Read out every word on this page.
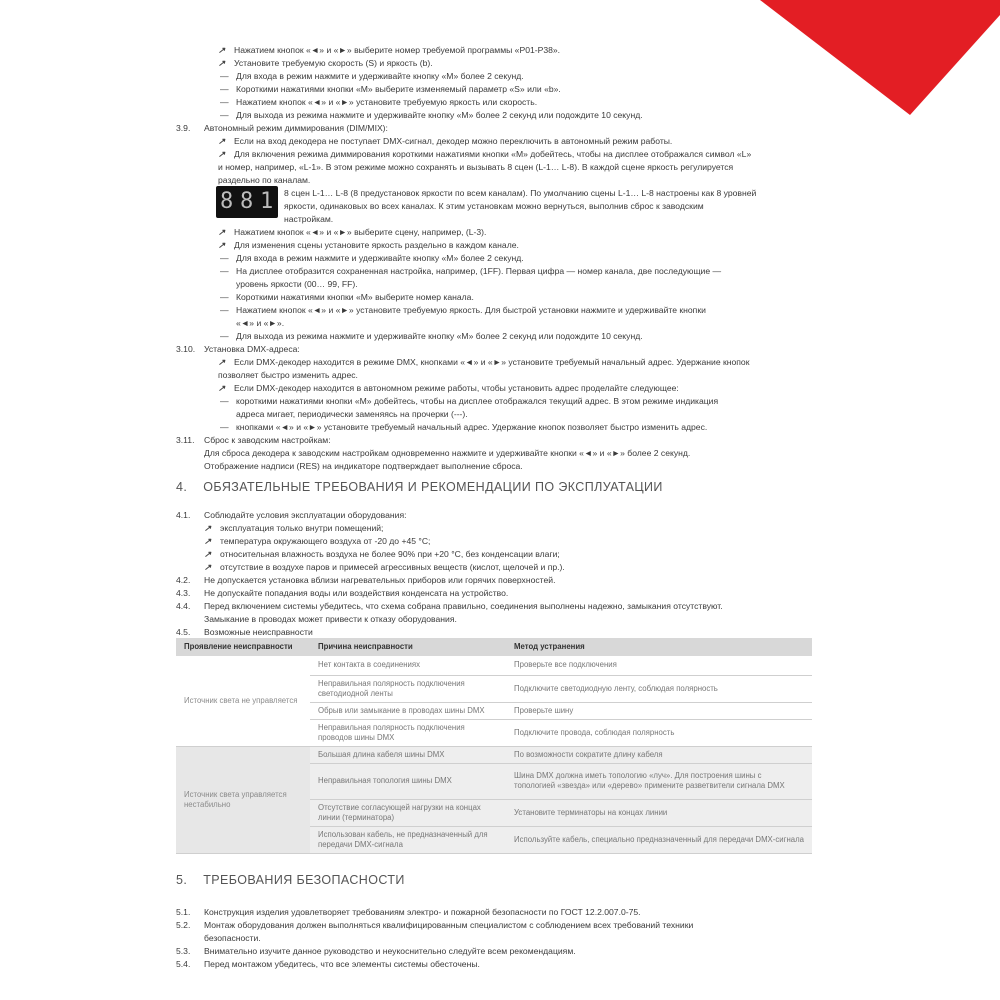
arlight
8 8 1
↗ Нажатием кнопок «◄» и «►» выберите номер требуемой программы «P01-P38».
↗ Установите требуемую скорость (S) и яркость (b).
— Для входа в режим нажмите и удерживайте кнопку «М» более 2 секунд.
— Короткими нажатиями кнопки «М» выберите изменяемый параметр «S» или «b».
— Нажатием кнопок «◄» и «►» установите требуемую яркость или скорость.
— Для выхода из режима нажмите и удерживайте кнопку «М» более 2 секунд или подождите 10 секунд.
3.9. Автономный режим диммирования (DIM/MIX):
↗ Если на вход декодера не поступает DMX-сигнал, декодер можно переключить в автономный режим работы.
↗ Для включения режима диммирования короткими нажатиями кнопки «М» добейтесь, чтобы на дисплее отображался символ «L»
и номер, например, «L-1». В этом режиме можно сохранять и вызывать 8 сцен (L-1… L-8). В каждой сцене яркость регулируется
раздельно по каналам.
8 сцен L-1… L-8 (8 предустановок яркости по всем каналам). По умолчанию сцены L-1… L-8 настроены как 8 уровней
яркости, одинаковых во всех каналах. К этим установкам можно вернуться, выполнив сброс к заводским
настройкам.
↗ Нажатием кнопок «◄» и «►» выберите сцену, например, (L-3).
↗ Для изменения сцены установите яркость раздельно в каждом канале.
— Для входа в режим нажмите и удерживайте кнопку «М» более 2 секунд.
— На дисплее отобразится сохраненная настройка, например, (1FF). Первая цифра — номер канала, две последующие —
уровень яркости (00… 99, FF).
— Короткими нажатиями кнопки «М» выберите номер канала.
— Нажатием кнопок «◄» и «►» установите требуемую яркость. Для быстрой установки нажмите и удерживайте кнопки
«◄» и «►».
— Для выхода из режима нажмите и удерживайте кнопку «М» более 2 секунд или подождите 10 секунд.
3.10. Установка DMX-адреса:
↗ Если DMX-декодер находится в режиме DMX, кнопками «◄» и «►» установите требуемый начальный адрес. Удержание кнопок
позволяет быстро изменить адрес.
↗ Если DMX-декодер находится в автономном режиме работы, чтобы установить адрес проделайте следующее:
— короткими нажатиями кнопки «М» добейтесь, чтобы на дисплее отображался текущий адрес. В этом режиме индикация
адреса мигает, периодически заменяясь на прочерки (---).
— кнопками «◄» и «►» установите требуемый начальный адрес. Удержание кнопок позволяет быстро изменить адрес.
3.11. Сброс к заводским настройкам:
Для сброса декодера к заводским настройкам одновременно нажмите и удерживайте кнопки «◄» и «►» более 2 секунд.
Отображение надписи (RES) на индикаторе подтверждает выполнение сброса.
4.1. Соблюдайте условия эксплуатации оборудования:
↗ эксплуатация только внутри помещений;
↗ температура окружающего воздуха от -20 до +45 °C;
↗ относительная влажность воздуха не более 90% при +20 °C, без конденсации влаги;
↗ отсутствие в воздухе паров и примесей агрессивных веществ (кислот, щелочей и пр.).
4.2. Не допускается установка вблизи нагревательных приборов или горячих поверхностей.
4.3. Не допускайте попадания воды или воздействия конденсата на устройство.
4.4. Перед включением системы убедитесь, что схема собрана правильно, соединения выполнены надежно, замыкания отсутствуют.
Замыкание в проводах может привести к отказу оборудования.
4.5. Возможные неисправности
5.1. Конструкция изделия удовлетворяет требованиям электро- и пожарной безопасности по ГОСТ 12.2.007.0-75.
5.2. Монтаж оборудования должен выполняться квалифицированным специалистом с соблюдением всех требований техники
безопасности.
5.3. Внимательно изучите данное руководство и неукоснительно следуйте всем рекомендациям.
5.4. Перед монтажом убедитесь, что все элементы системы обесточены.
4. ОБЯЗАТЕЛЬНЫЕ ТРЕБОВАНИЯ И РЕКОМЕНДАЦИИ ПО ЭКСПЛУАТАЦИИ
5. ТРЕБОВАНИЯ БЕЗОПАСНОСТИ
Проявление неисправности	Причина неисправности	Метод устранения
Источник света не управляется	Нет контакта в соединениях	Проверьте все подключения
	Неправильная полярность подключения светодиодной ленты	Подключите светодиодную ленту, соблюдая полярность
	Обрыв или замыкание в проводах шины DMX	Проверьте шину
	Неправильная полярность подключения проводов шины DMX	Подключите провода, соблюдая полярность
Источник света управляется нестабильно	Большая длина кабеля шины DMX	По возможности сократите длину кабеля
	Неправильная топология шины DMX	Шина DMX должна иметь топологию «луч». Для построения шины с топологией «звезда» или «дерево» примените разветвители сигнала DMX
	Отсутствие согласующей нагрузки на концах линии (терминатора)	Установите терминаторы на концах линии
	Использован кабель, не предназначенный для передачи DMX-сигнала	Используйте кабель, специально предназначенный для передачи DMX-сигнала
